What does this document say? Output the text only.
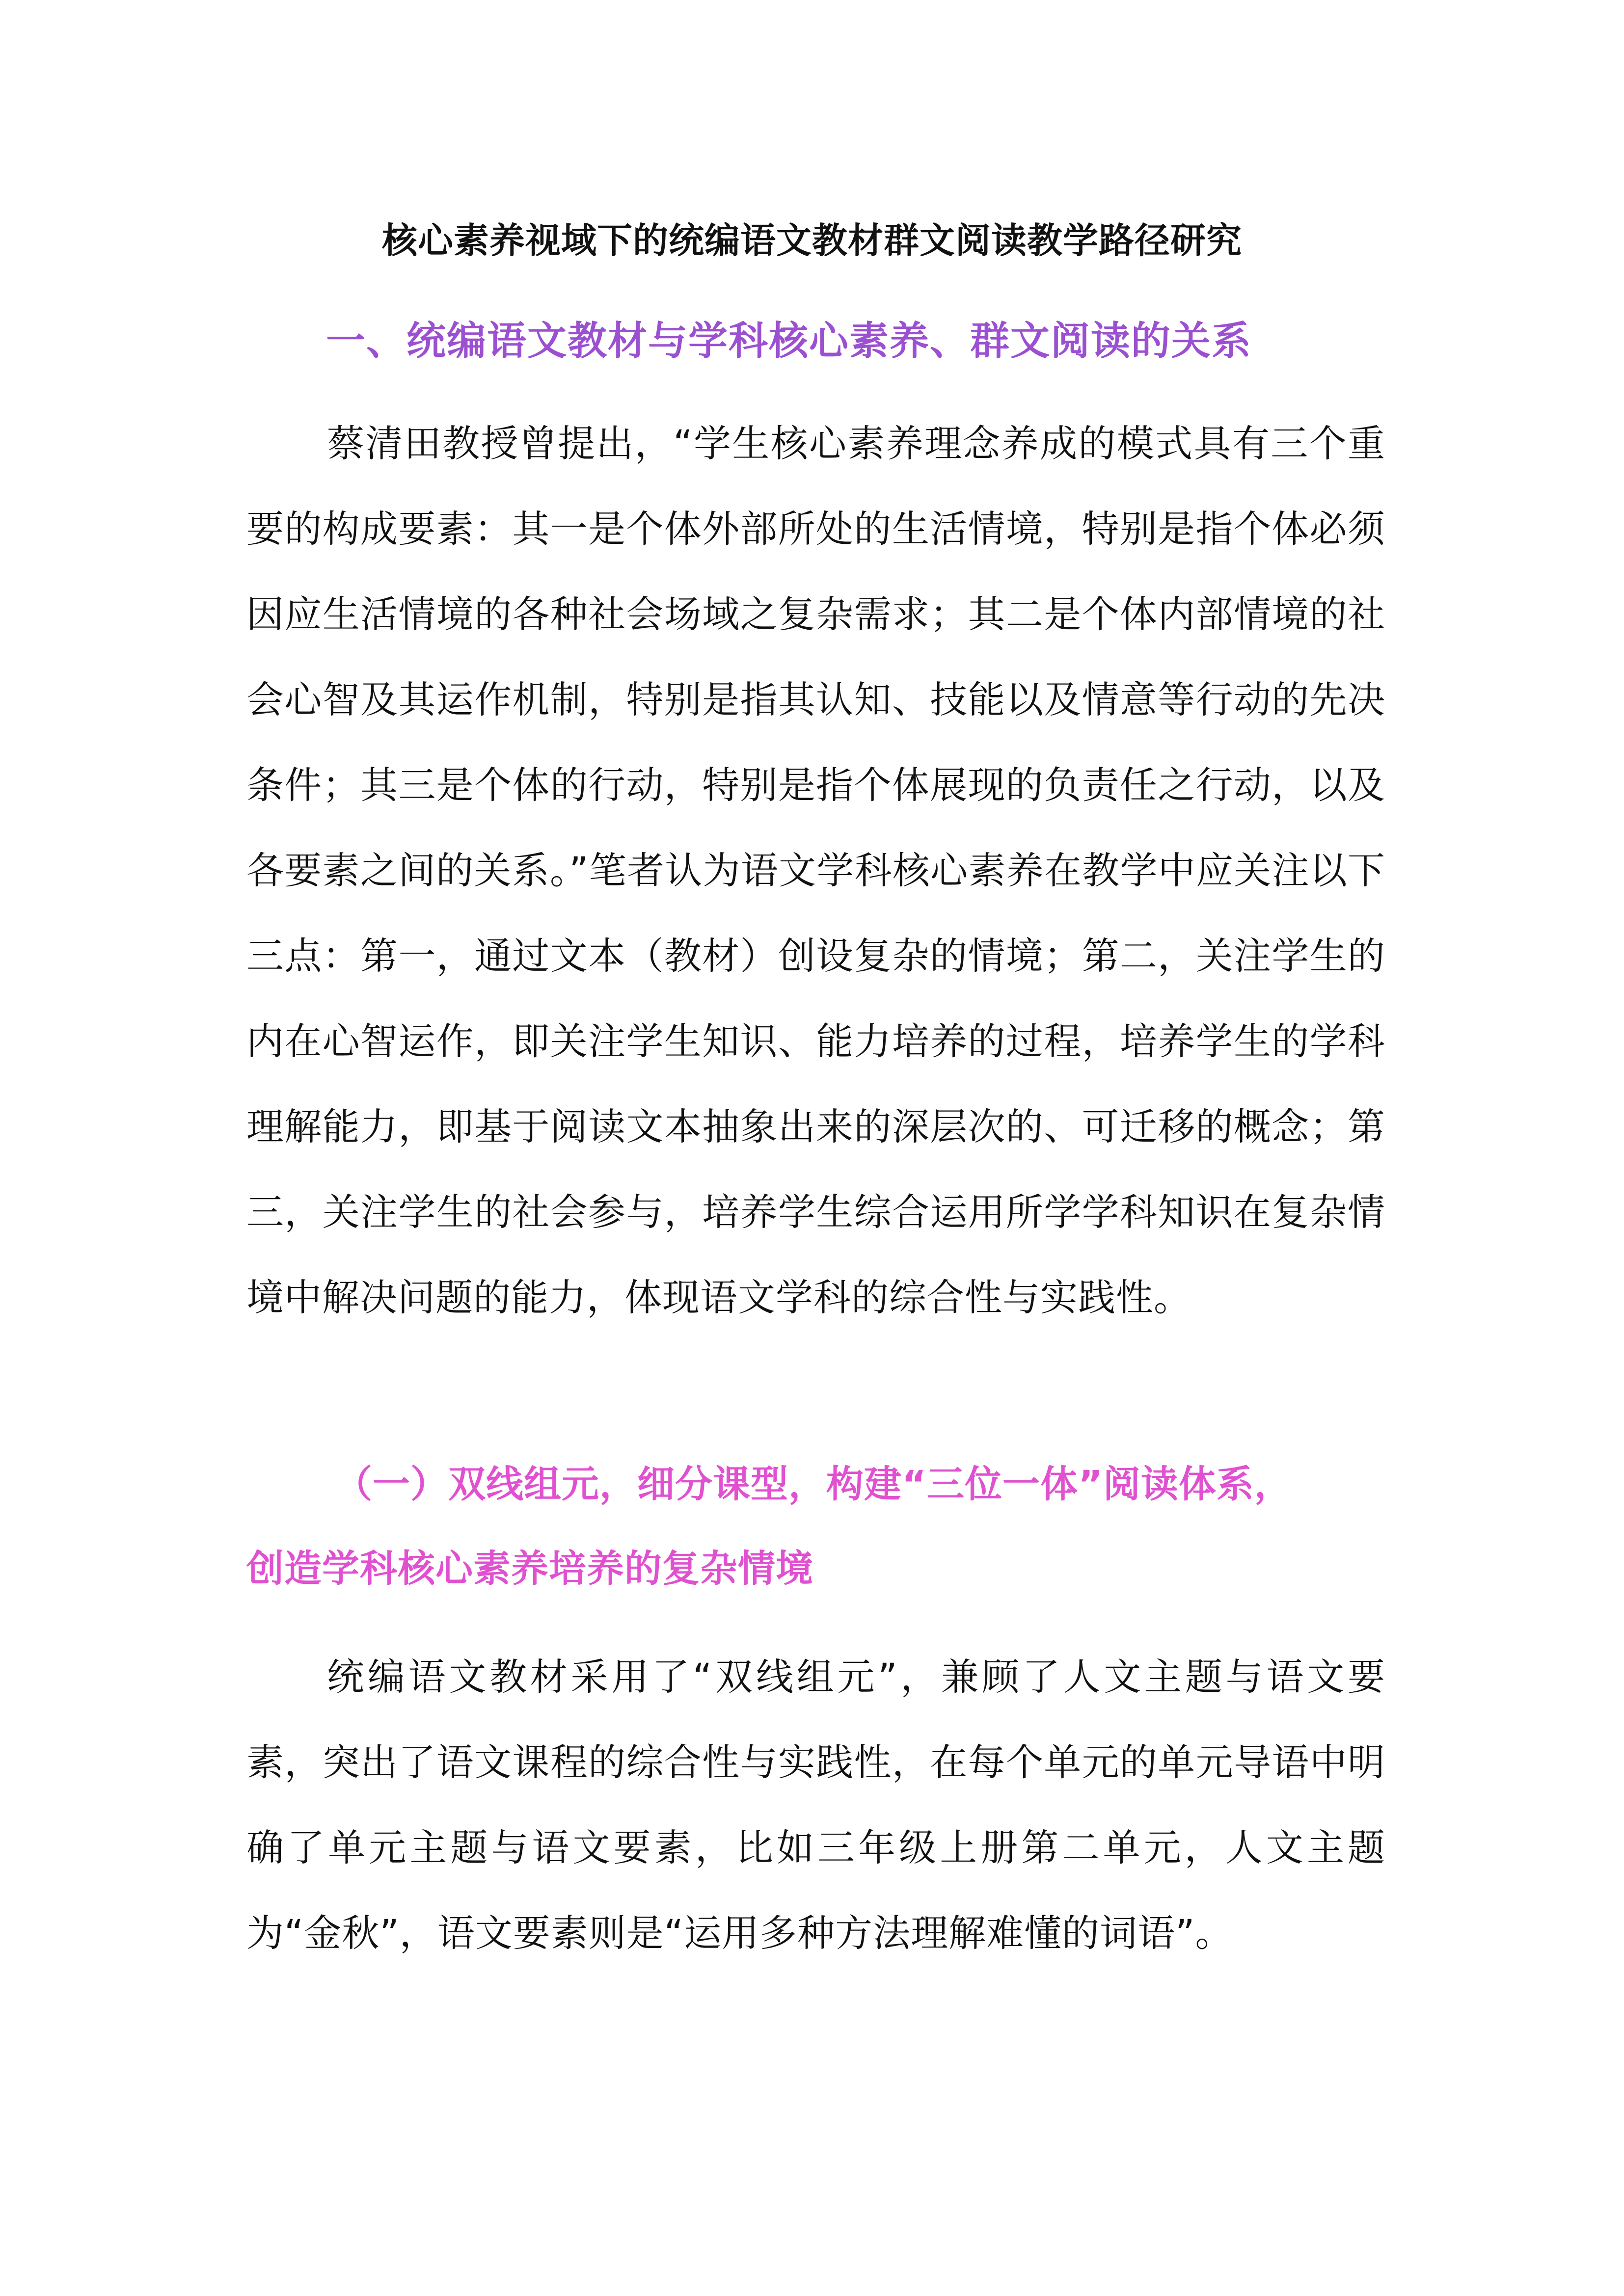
核心素养视域下的统编语文教材群文阅读教学路径研究
一、统编语文教材与学科核心素养、群文阅读的关系

蔡清田教授曾提出，“学生核心素养理念养成的模式具有三个重要的构成要素：其一是个体外部所处的生活情境，特别是指个体必须因应生活情境的各种社会场域之复杂需求；其二是个体内部情境的社会心智及其运作机制，特别是指其认知、技能以及情意等行动的先决条件；其三是个体的行动，特别是指个体展现的负责任之行动，以及各要素之间的关系。”笔者认为语文学科核心素养在教学中应关注以下三点：第一，通过文本（教材）创设复杂的情境；第二，关注学生的内在心智运作，即关注学生知识、能力培养的过程，培养学生的学科理解能力，即基于阅读文本抽象出来的深层次的、可迁移的概念；第三，关注学生的社会参与，培养学生综合运用所学学科知识在复杂情境中解决问题的能力，体现语文学科的综合性与实践性。

（一）双线组元，细分课型，构建“三位一体”阅读体系，
创造学科核心素养培养的复杂情境

统编语文教材采用了“双线组元”，兼顾了人文主题与语文要素，突出了语文课程的综合性与实践性，在每个单元的单元导语中明确了单元主题与语文要素，比如三年级上册第二单元，人文主题为“金秋”，语文要素则是“运用多种方法理解难懂的词语”。
